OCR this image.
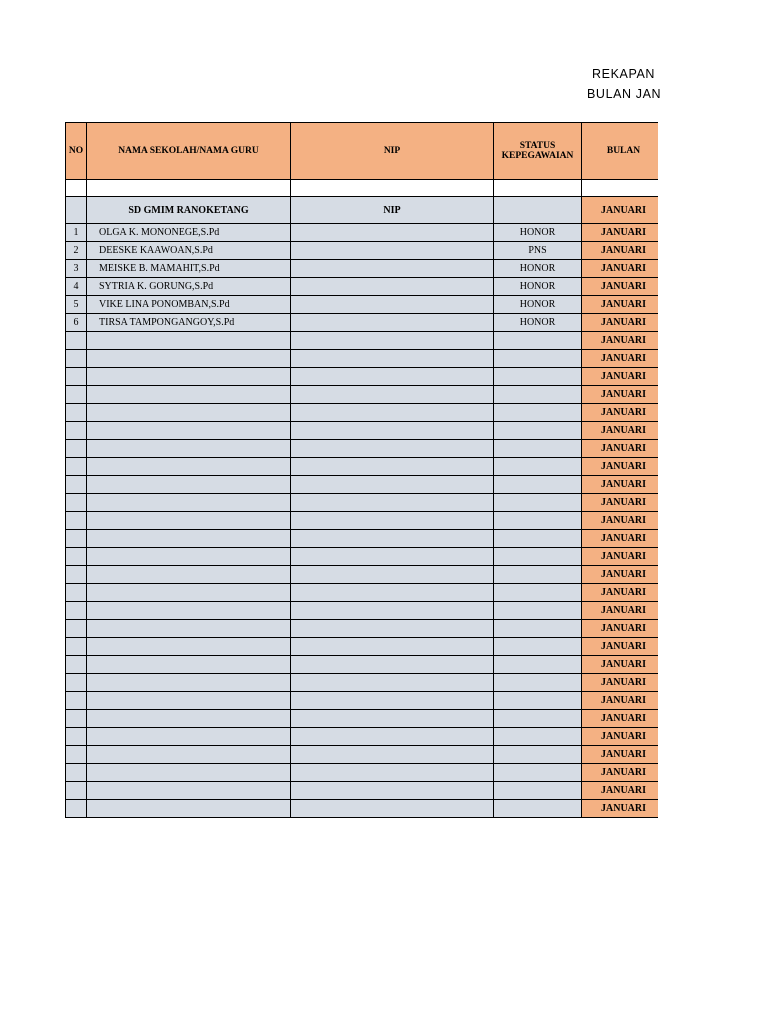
REKAPAN
BULAN JAN
NO	NAMA SEKOLAH/NAMA GURU	NIP	STATUS KEPEGAWAIAN	BULAN

	SD GMIM RANOKETANG	NIP		JANUARI
1	OLGA K. MONONEGE,S.Pd		HONOR	JANUARI
2	DEESKE KAAWOAN,S.Pd		PNS	JANUARI
3	MEISKE B. MAMAHIT,S.Pd		HONOR	JANUARI
4	SYTRIA K. GORUNG,S.Pd		HONOR	JANUARI
5	VIKE LINA PONOMBAN,S.Pd		HONOR	JANUARI
6	TIRSA TAMPONGANGOY,S.Pd		HONOR	JANUARI
				JANUARI
				JANUARI
				JANUARI
				JANUARI
				JANUARI
				JANUARI
				JANUARI
				JANUARI
				JANUARI
				JANUARI
				JANUARI
				JANUARI
				JANUARI
				JANUARI
				JANUARI
				JANUARI
				JANUARI
				JANUARI
				JANUARI
				JANUARI
				JANUARI
				JANUARI
				JANUARI
				JANUARI
				JANUARI
				JANUARI
				JANUARI
